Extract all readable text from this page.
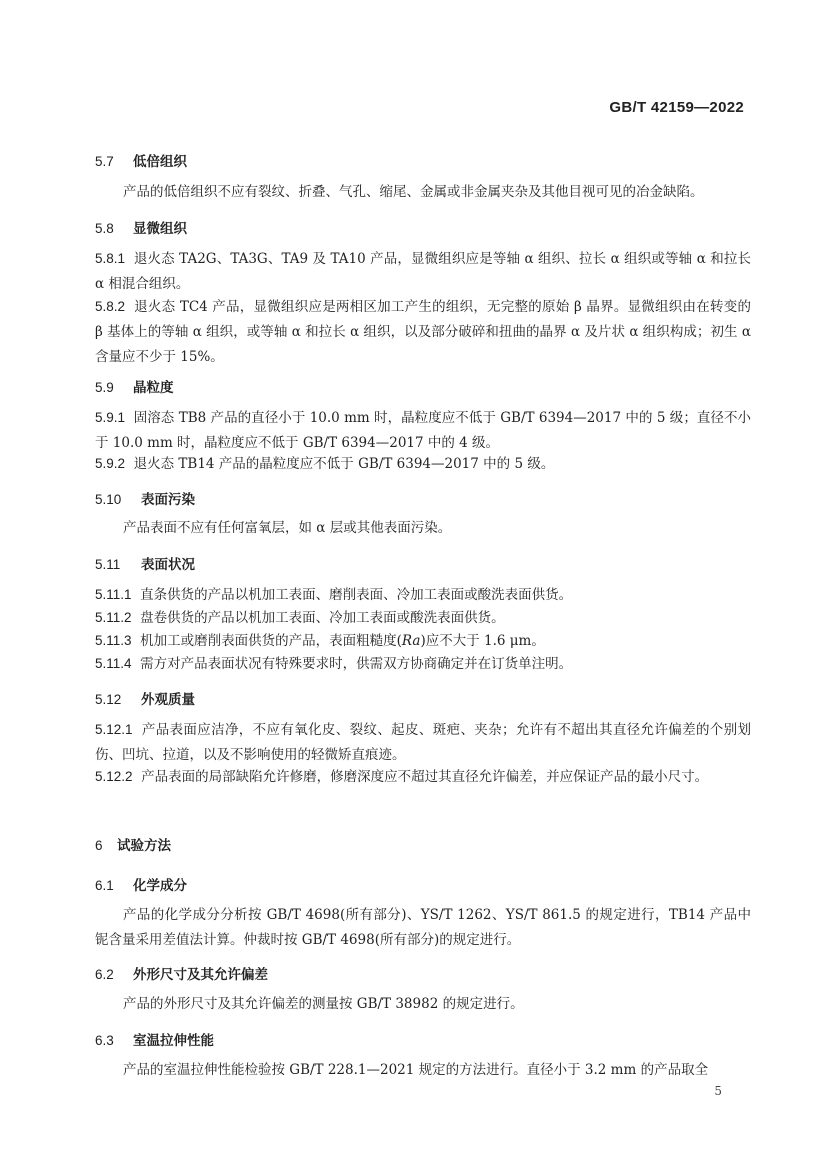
GB/T 42159—2022
5.7 低倍组织
产品的低倍组织不应有裂纹、折叠、气孔、缩尾、金属或非金属夹杂及其他目视可见的冶金缺陷。
5.8 显微组织
5.8.1 退火态 TA2G、TA3G、TA9 及 TA10 产品，显微组织应是等轴 α 组织、拉长 α 组织或等轴 α 和拉长 α 相混合组织。
5.8.2 退火态 TC4 产品，显微组织应是两相区加工产生的组织，无完整的原始 β 晶界。显微组织由在转变的 β 基体上的等轴 α 组织，或等轴 α 和拉长 α 组织，以及部分破碎和扭曲的晶界 α 及片状 α 组织构成；初生 α 含量应不少于 15%。
5.9 晶粒度
5.9.1 固溶态 TB8 产品的直径小于 10.0 mm 时，晶粒度应不低于 GB/T 6394—2017 中的 5 级；直径不小于 10.0 mm 时，晶粒度应不低于 GB/T 6394—2017 中的 4 级。
5.9.2 退火态 TB14 产品的晶粒度应不低于 GB/T 6394—2017 中的 5 级。
5.10 表面污染
产品表面不应有任何富氧层，如 α 层或其他表面污染。
5.11 表面状况
5.11.1 直条供货的产品以机加工表面、磨削表面、冷加工表面或酸洗表面供货。
5.11.2 盘卷供货的产品以机加工表面、冷加工表面或酸洗表面供货。
5.11.3 机加工或磨削表面供货的产品，表面粗糙度(Ra)应不大于 1.6 μm。
5.11.4 需方对产品表面状况有特殊要求时，供需双方协商确定并在订货单注明。
5.12 外观质量
5.12.1 产品表面应洁净，不应有氧化皮、裂纹、起皮、斑疤、夹杂；允许有不超出其直径允许偏差的个别划伤、凹坑、拉道，以及不影响使用的轻微矫直痕迹。
5.12.2 产品表面的局部缺陷允许修磨，修磨深度应不超过其直径允许偏差，并应保证产品的最小尺寸。
6 试验方法
6.1 化学成分
产品的化学成分分析按 GB/T 4698(所有部分)、YS/T 1262、YS/T 861.5 的规定进行，TB14 产品中铌含量采用差值法计算。仲裁时按 GB/T 4698(所有部分)的规定进行。
6.2 外形尺寸及其允许偏差
产品的外形尺寸及其允许偏差的测量按 GB/T 38982 的规定进行。
6.3 室温拉伸性能
产品的室温拉伸性能检验按 GB/T 228.1—2021 规定的方法进行。直径小于 3.2 mm 的产品取全
5
